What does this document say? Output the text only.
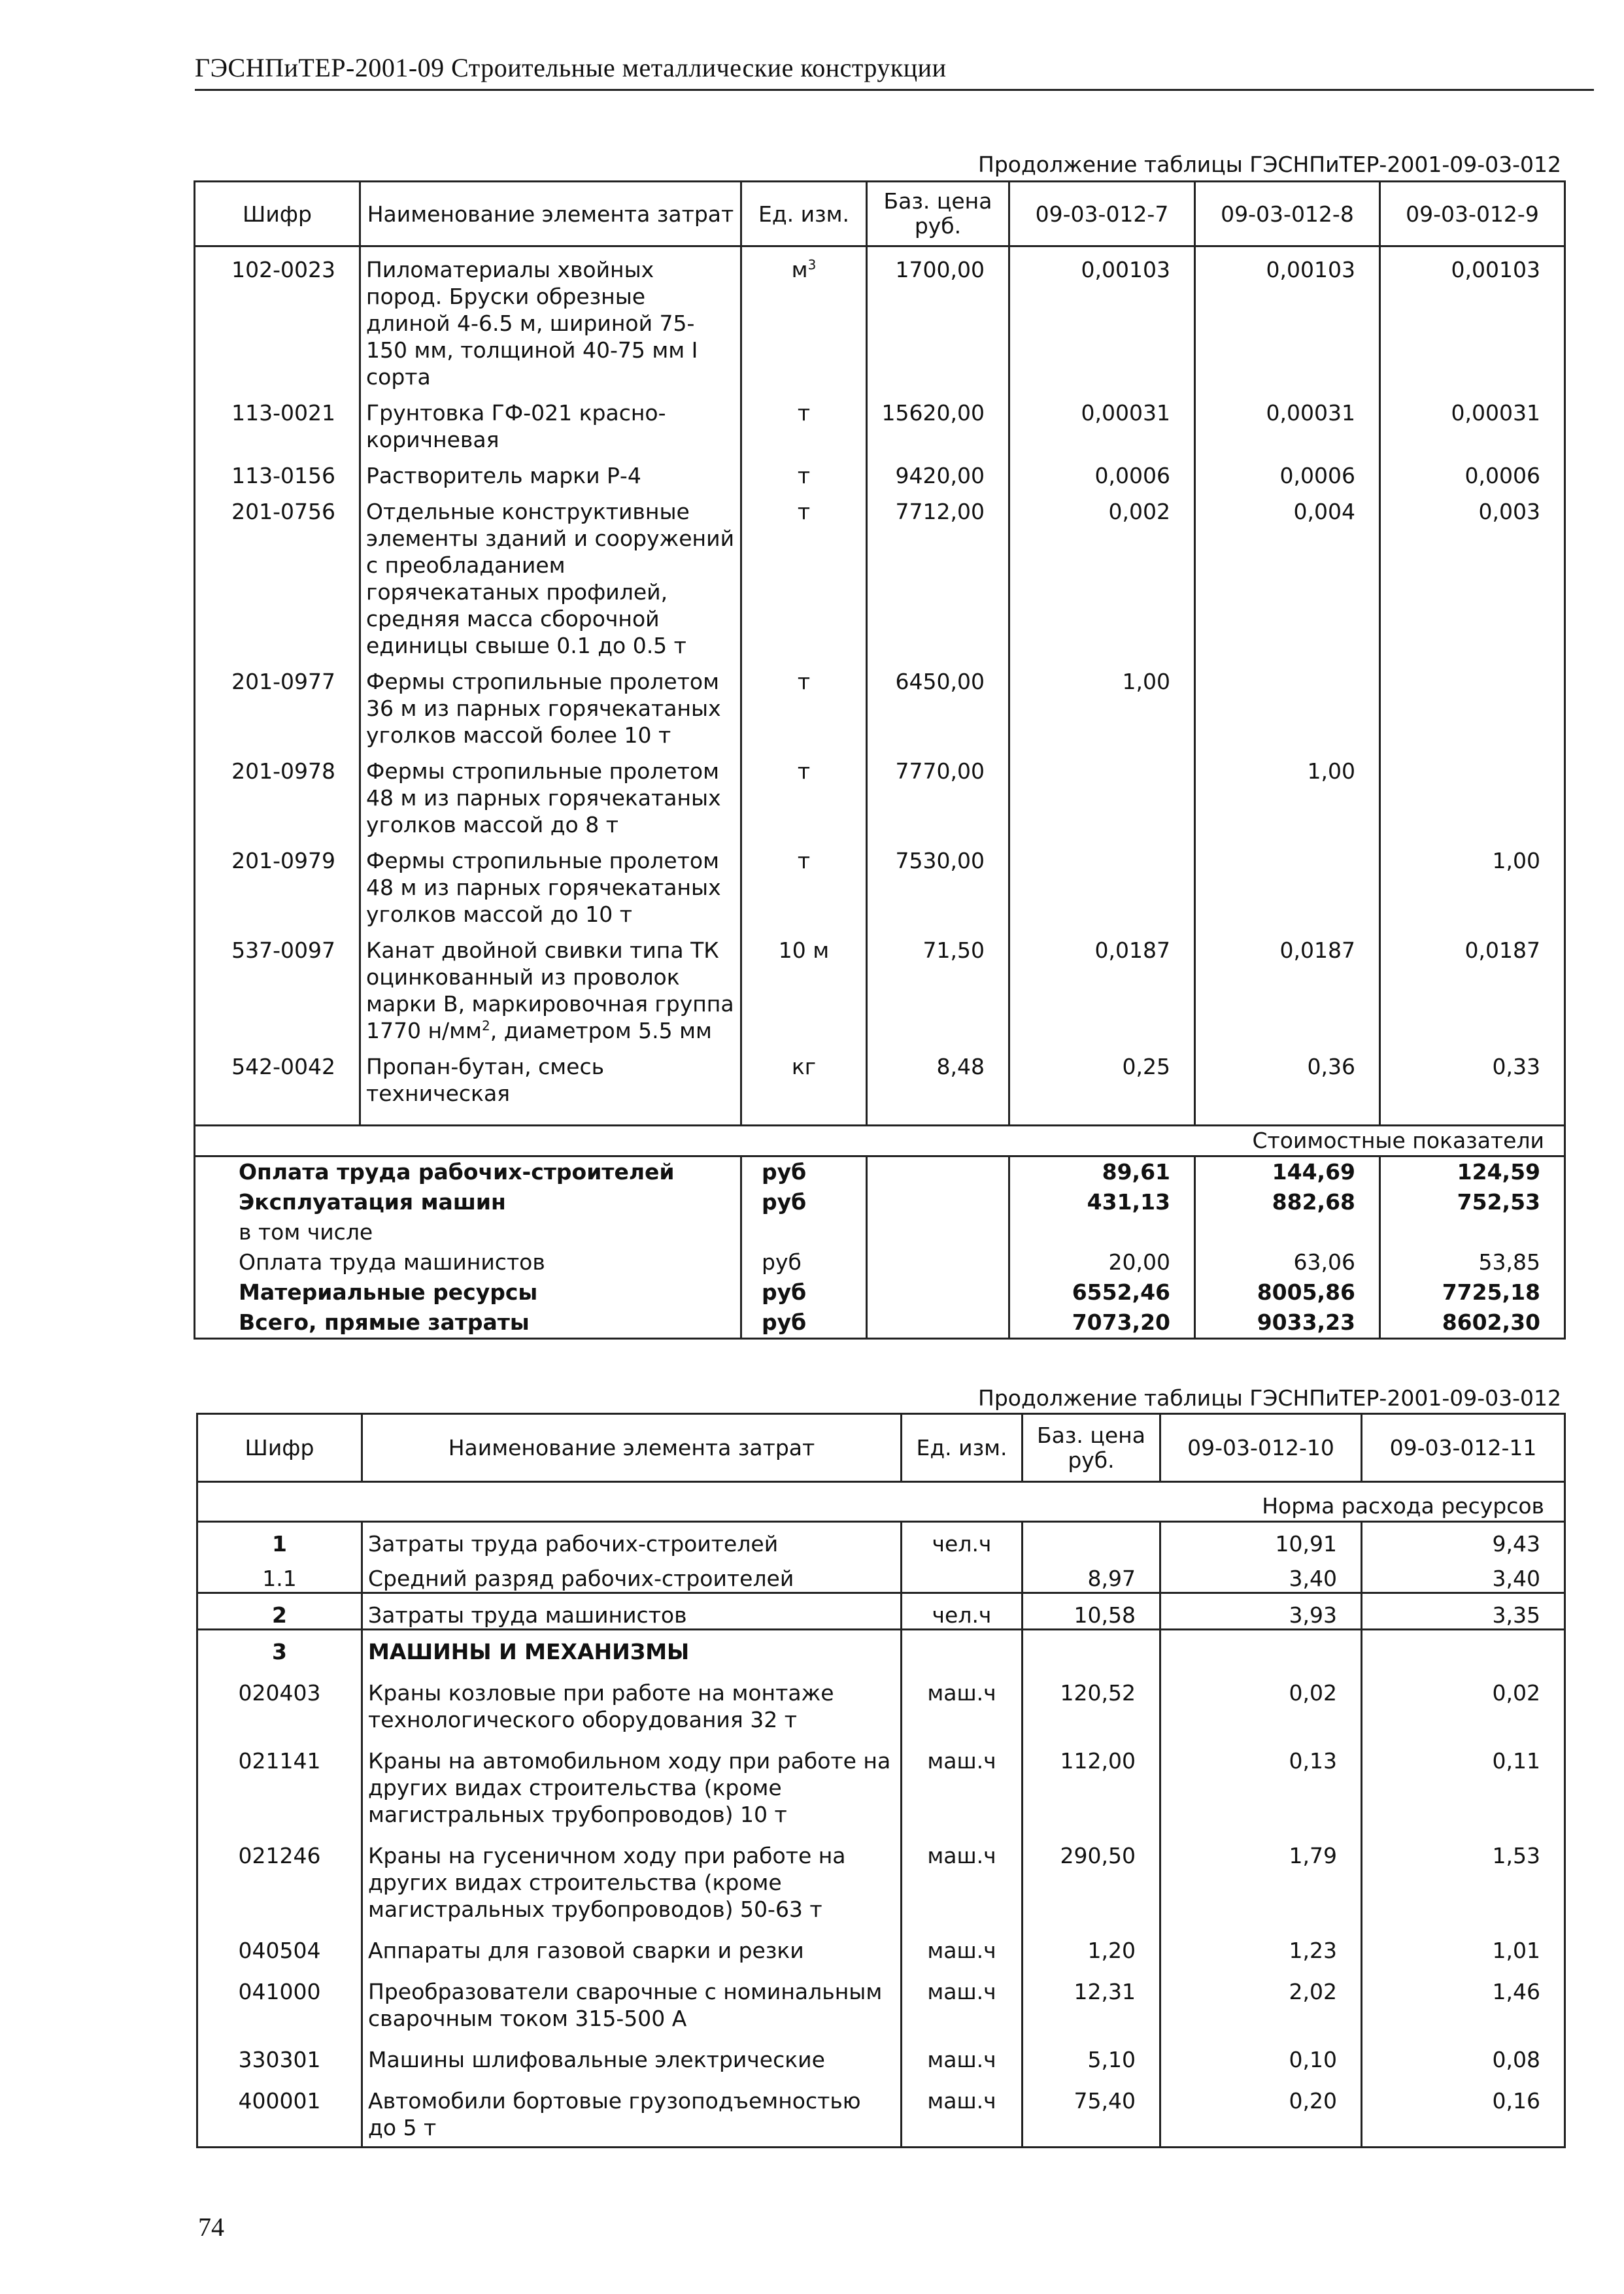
ГЭСНПиТЕР-2001-09 Строительные металлические конструкции
Продолжение таблицы ГЭСНПиТЕР-2001-09-03-012
Шифр	Наименование элемента затрат	Ед. изм.	Баз. цена руб.	09-03-012-7	09-03-012-8	09-03-012-9
102-0023	Пиломатериалы хвойных пород. Бруски обрезные длиной 4-6.5 м, шириной 75-150 мм, толщиной 40-75 мм I сорта	$м^3$	1700,00	0,00103	0,00103	0,00103
113-0021	Грунтовка ГФ-021 красно-коричневая	т	15620,00	0,00031	0,00031	0,00031
113-0156	Растворитель марки Р-4	т	9420,00	0,0006	0,0006	0,0006
201-0756	Отдельные конструктивные элементы зданий и сооружений с преобладанием горячекатаных профилей, средняя масса сборочной единицы свыше 0.1 до 0.5 т	т	7712,00	0,002	0,004	0,003
201-0977	Фермы стропильные пролетом 36 м из парных горячекатаных уголков массой более 10 т	т	6450,00	1,00		
201-0978	Фермы стропильные пролетом 48 м из парных горячекатаных уголков массой до 8 т	т	7770,00		1,00	
201-0979	Фермы стропильные пролетом 48 м из парных горячекатаных уголков массой до 10 т	т	7530,00			1,00
537-0097	Канат двойной свивки типа ТК оцинкованный из проволок марки В, маркировочная группа 1770 $н/мм^2$, диаметром 5.5 мм	10 м	71,50	0,0187	0,0187	0,0187
542-0042	Пропан-бутан, смесь техническая	кг	8,48	0,25	0,36	0,33

Стоимостные показатели						
Оплата труда рабочих-строителей		руб		89,61	144,69	124,59
Эксплуатация машин		руб		431,13	882,68	752,53
в том числе						
Оплата труда машинистов		руб		20,00	63,06	53,85
Материальные ресурсы		руб		6552,46	8005,86	7725,18
Всего, прямые затраты		руб		7073,20	9033,23	8602,30
Продолжение таблицы ГЭСНПиТЕР-2001-09-03-012
Шифр	Наименование элемента затрат	Ед. изм.	Баз. цена руб.	09-03-012-10	09-03-012-11
Норма расхода ресурсов					
1	Затраты труда рабочих-строителей	чел.ч		10,91	9,43
1.1	Средний разряд рабочих-строителей		8,97	3,40	3,40
2	Затраты труда машинистов	чел.ч	10,58	3,93	3,35
3	МАШИНЫ И МЕХАНИЗМЫ				
020403	Краны козловые при работе на монтаже технологического оборудования 32 т	маш.ч	120,52	0,02	0,02
021141	Краны на автомобильном ходу при работе на других видах строительства (кроме магистральных трубопроводов) 10 т	маш.ч	112,00	0,13	0,11
021246	Краны на гусеничном ходу при работе на других видах строительства (кроме магистральных трубопроводов) 50-63 т	маш.ч	290,50	1,79	1,53
040504	Аппараты для газовой сварки и резки	маш.ч	1,20	1,23	1,01
041000	Преобразователи сварочные с номинальным сварочным током 315-500 А	маш.ч	12,31	2,02	1,46
330301	Машины шлифовальные электрические	маш.ч	5,10	0,10	0,08
400001	Автомобили бортовые грузоподъемностью до 5 т	маш.ч	75,40	0,20	0,16
74
